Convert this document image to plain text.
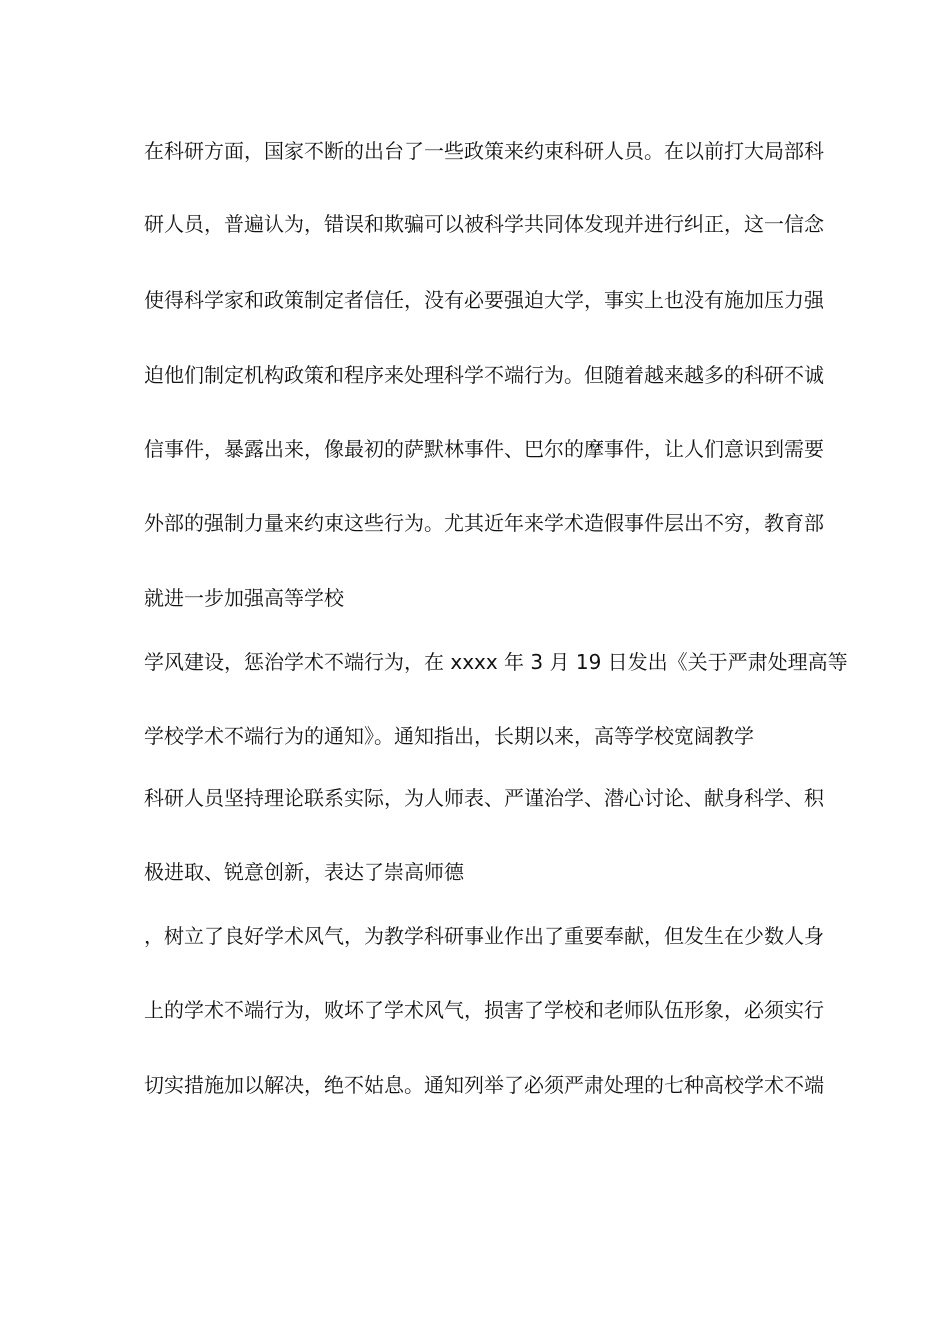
在科研方面，国家不断的出台了一些政策来约束科研人员。在以前打大局部科
研人员，普遍认为，错误和欺骗可以被科学共同体发现并进行纠正，这一信念
使得科学家和政策制定者信任，没有必要强迫大学，事实上也没有施加压力强
迫他们制定机构政策和程序来处理科学不端行为。但随着越来越多的科研不诚
信事件，暴露出来，像最初的萨默林事件、巴尔的摩事件，让人们意识到需要
外部的强制力量来约束这些行为。尤其近年来学术造假事件层出不穷，教育部
就进一步加强高等学校
学风建设，惩治学术不端行为，在 xxxx 年 3 月 19 日发出《关于严肃处理高等
学校学术不端行为的通知》。通知指出，长期以来，高等学校宽阔教学
科研人员坚持理论联系实际，为人师表、严谨治学、潜心讨论、献身科学、积
极进取、锐意创新，表达了崇高师德
，树立了良好学术风气，为教学科研事业作出了重要奉献，但发生在少数人身
上的学术不端行为，败坏了学术风气，损害了学校和老师队伍形象，必须实行
切实措施加以解决，绝不姑息。通知列举了必须严肃处理的七种高校学术不端
